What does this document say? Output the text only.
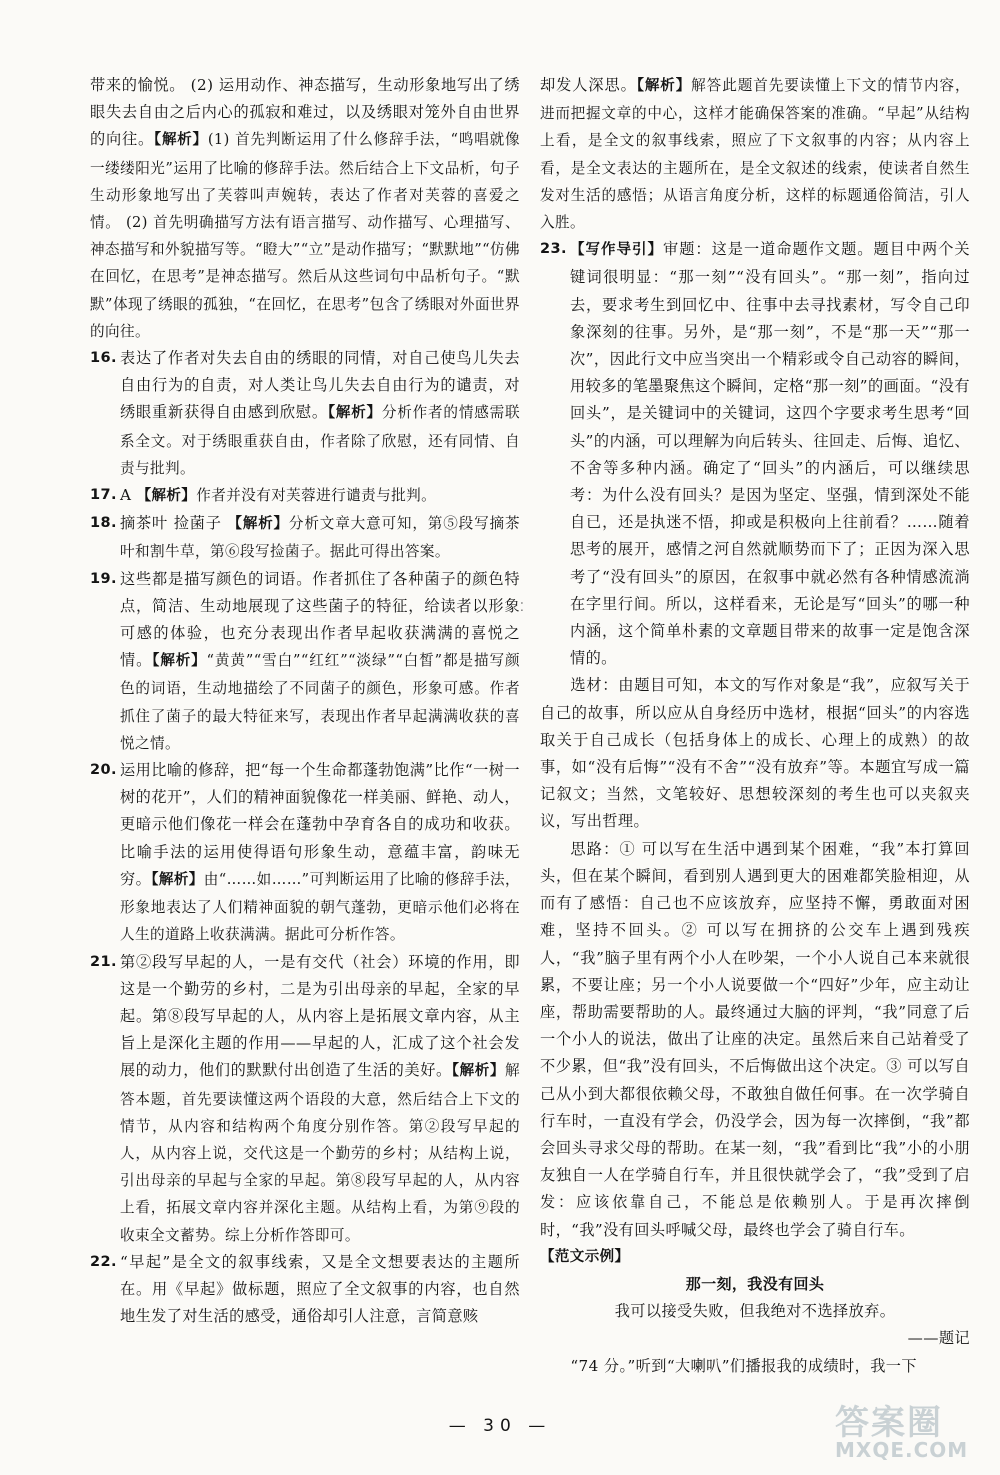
带来的愉悦。 (2) 运用动作、神态描写，生动形象地写出了绣眼失去自由之后内心的孤寂和难过，以及绣眼对笼外自由世界的向往。【解析】(1) 首先判断运用了什么修辞手法，“鸣唱就像一缕缕阳光”运用了比喻的修辞手法。然后结合上下文品析，句子生动形象地写出了芙蓉叫声婉转，表达了作者对芙蓉的喜爱之情。 (2) 首先明确描写方法有语言描写、动作描写、心理描写、神态描写和外貌描写等。“瞪大”“立”是动作描写；“默默地”“仿佛在回忆，在思考”是神态描写。然后从这些词句中品析句子。“默默”体现了绣眼的孤独，“在回忆，在思考”包含了绣眼对外面世界的向往。

16. 表达了作者对失去自由的绣眼的同情，对自己使鸟儿失去自由行为的自责，对人类让鸟儿失去自由行为的谴责，对绣眼重新获得自由感到欣慰。【解析】分析作者的情感需联系全文。对于绣眼重获自由，作者除了欣慰，还有同情、自责与批判。

17. A 【解析】作者并没有对芙蓉进行谴责与批判。

18. 摘茶叶 捡菌子 【解析】分析文章大意可知，第⑤段写摘茶叶和割牛草，第⑥段写捡菌子。据此可得出答案。

19. 这些都是描写颜色的词语。作者抓住了各种菌子的颜色特点，简洁、生动地展现了这些菌子的特征，给读者以形象可感的体验，也充分表现出作者早起收获满满的喜悦之情。【解析】“黄黄”“雪白”“红红”“淡绿”“白皙”都是描写颜色的词语，生动地描绘了不同菌子的颜色，形象可感。作者抓住了菌子的最大特征来写，表现出作者早起满满收获的喜悦之情。

20. 运用比喻的修辞，把“每一个生命都蓬勃饱满”比作“一树一树的花开”，人们的精神面貌像花一样美丽、鲜艳、动人，更暗示他们像花一样会在蓬勃中孕育各自的成功和收获。比喻手法的运用使得语句形象生动，意蕴丰富，韵味无穷。【解析】由“……如……”可判断运用了比喻的修辞手法，形象地表达了人们精神面貌的朝气蓬勃，更暗示他们必将在人生的道路上收获满满。据此可分析作答。

21. 第②段写早起的人，一是有交代（社会）环境的作用，即这是一个勤劳的乡村，二是为引出母亲的早起，全家的早起。第⑧段写早起的人，从内容上是拓展文章内容，从主旨上是深化主题的作用——早起的人，汇成了这个社会发展的动力，他们的默默付出创造了生活的美好。【解析】解答本题，首先要读懂这两个语段的大意，然后结合上下文的情节，从内容和结构两个角度分别作答。第②段写早起的人，从内容上说，交代这是一个勤劳的乡村；从结构上说，引出母亲的早起与全家的早起。第⑧段写早起的人，从内容上看，拓展文章内容并深化主题。从结构上看，为第⑨段的收束全文蓄势。综上分析作答即可。

22. “早起”是全文的叙事线索，又是全文想要表达的主题所在。用《早起》做标题，照应了全文叙事的内容，也自然地生发了对生活的感受，通俗却引人注意，言简意赅

⁚

却发人深思。【解析】解答此题首先要读懂上下文的情节内容，进而把握文章的中心，这样才能确保答案的准确。“早起”从结构上看，是全文的叙事线索，照应了下文叙事的内容；从内容上看，是全文表达的主题所在，是全文叙述的线索，使读者自然生发对生活的感悟；从语言角度分析，这样的标题通俗简洁，引人入胜。

23. 【写作导引】审题：这是一道命题作文题。题目中两个关键词很明显：“那一刻”“没有回头”。“那一刻”，指向过去，要求考生到回忆中、往事中去寻找素材，写令自己印象深刻的往事。另外，是“那一刻”，不是“那一天”“那一次”，因此行文中应当突出一个精彩或令自己动容的瞬间，用较多的笔墨聚焦这个瞬间，定格“那一刻”的画面。“没有回头”，是关键词中的关键词，这四个字要求考生思考“回头”的内涵，可以理解为向后转头、往回走、后悔、追忆、不舍等多种内涵。确定了“回头”的内涵后，可以继续思考：为什么没有回头？是因为坚定、坚强，情到深处不能自已，还是执迷不悟，抑或是积极向上往前看？……随着思考的展开，感情之河自然就顺势而下了；正因为深入思考了“没有回头”的原因，在叙事中就必然有各种情感流淌在字里行间。所以，这样看来，无论是写“回头”的哪一种内涵，这个简单朴素的文章题目带来的故事一定是饱含深情的。

选材：由题目可知，本文的写作对象是“我”，应叙写关于自己的故事，所以应从自身经历中选材，根据“回头”的内容选取关于自己成长（包括身体上的成长、心理上的成熟）的故事，如“没有后悔”“没有不舍”“没有放弃”等。本题宜写成一篇记叙文；当然，文笔较好、思想较深刻的考生也可以夹叙夹议，写出哲理。

思路：① 可以写在生活中遇到某个困难，“我”本打算回头，但在某个瞬间，看到别人遇到更大的困难都笑脸相迎，从而有了感悟：自己也不应该放弃，应坚持不懈，勇敢面对困难，坚持不回头。② 可以写在拥挤的公交车上遇到残疾人，“我”脑子里有两个小人在吵架，一个小人说自己本来就很累，不要让座；另一个小人说要做一个“四好”少年，应主动让座，帮助需要帮助的人。最终通过大脑的评判，“我”同意了后一个小人的说法，做出了让座的决定。虽然后来自己站着受了不少累，但“我”没有回头，不后悔做出这个决定。③ 可以写自己从小到大都很依赖父母，不敢独自做任何事。在一次学骑自行车时，一直没有学会，仍没学会，因为每一次摔倒，“我”都会回头寻求父母的帮助。在某一刻，“我”看到比“我”小的小朋友独自一人在学骑自行车，并且很快就学会了，“我”受到了启发：应该依靠自己，不能总是依赖别人。于是再次摔倒时，“我”没有回头呼喊父母，最终也学会了骑自行车。

【范文示例】

那一刻，我没有回头

我可以接受失败，但我绝对不选择放弃。

——题记

“74 分。”听到“大喇叭”们播报我的成绩时，我一下

— 30 —	答案圈
MXQE.COM
